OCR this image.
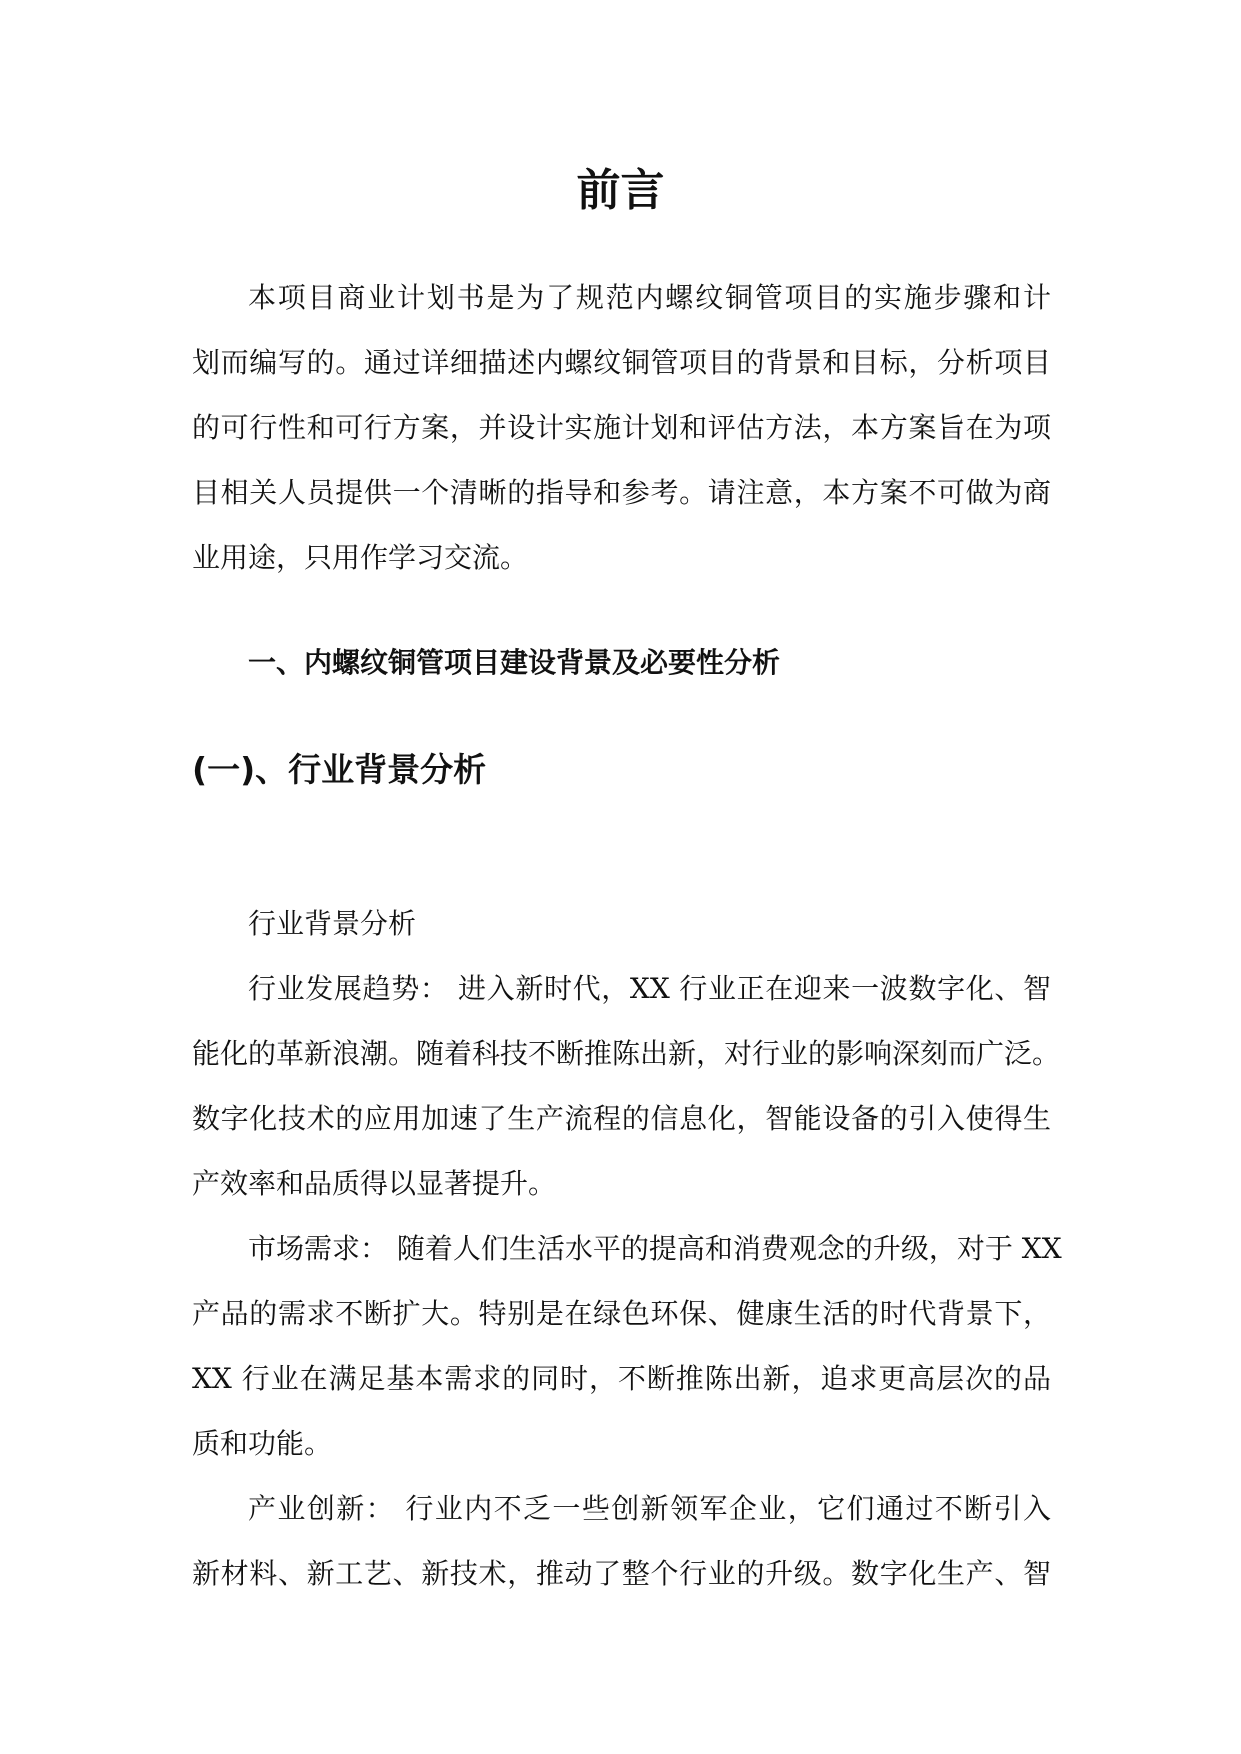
前言
本项目商业计划书是为了规范内螺纹铜管项目的实施步骤和计
划而编写的。通过详细描述内螺纹铜管项目的背景和目标，分析项目
的可行性和可行方案，并设计实施计划和评估方法，本方案旨在为项
目相关人员提供一个清晰的指导和参考。请注意，本方案不可做为商
业用途，只用作学习交流。
一、内螺纹铜管项目建设背景及必要性分析
(一)、行业背景分析
行业背景分析
行业发展趋势： 进入新时代，XX 行业正在迎来一波数字化、智
能化的革新浪潮。随着科技不断推陈出新，对行业的影响深刻而广泛。
数字化技术的应用加速了生产流程的信息化，智能设备的引入使得生
产效率和品质得以显著提升。
市场需求： 随着人们生活水平的提高和消费观念的升级，对于 XX
产品的需求不断扩大。特别是在绿色环保、健康生活的时代背景下，
XX 行业在满足基本需求的同时，不断推陈出新，追求更高层次的品
质和功能。
产业创新： 行业内不乏一些创新领军企业，它们通过不断引入
新材料、新工艺、新技术，推动了整个行业的升级。数字化生产、智
